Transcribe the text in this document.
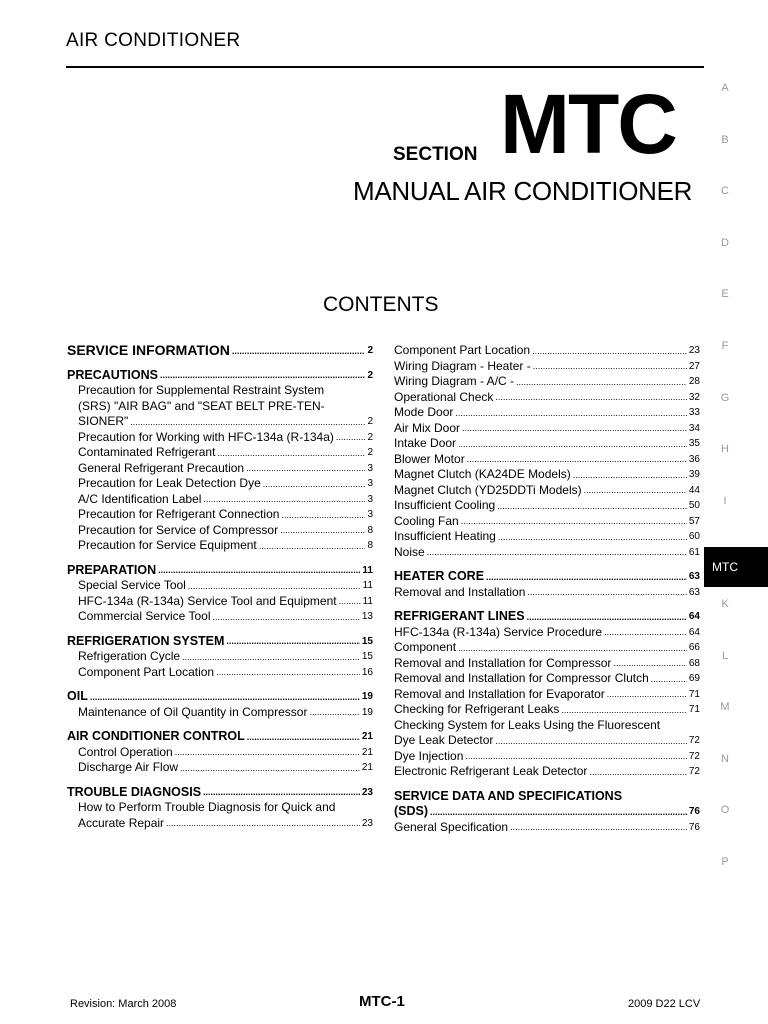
AIR CONDITIONER
SECTION MTC
MANUAL AIR CONDITIONER
CONTENTS
SERVICE INFORMATION .....	2
PRECAUTIONS .....	2
Precaution for Supplemental Restraint System
(SRS) "AIR BAG" and "SEAT BELT PRE-TEN-
SIONER" .....	2
Precaution for Working with HFC-134a (R-134a) .....	2
Contaminated Refrigerant .....	2
General Refrigerant Precaution .....	3
Precaution for Leak Detection Dye .....	3
A/C Identification Label .....	3
Precaution for Refrigerant Connection .....	3
Precaution for Service of Compressor .....	8
Precaution for Service Equipment .....	8
PREPARATION .....	11
Special Service Tool .....	11
HFC-134a (R-134a) Service Tool and Equipment .....	11
Commercial Service Tool .....	13
REFRIGERATION SYSTEM .....	15
Refrigeration Cycle .....	15
Component Part Location .....	16
OIL .....	19
Maintenance of Oil Quantity in Compressor .....	19
AIR CONDITIONER CONTROL .....	21
Control Operation .....	21
Discharge Air Flow .....	21
TROUBLE DIAGNOSIS .....	23
How to Perform Trouble Diagnosis for Quick and
Accurate Repair .....	23
Component Part Location .....	23
Wiring Diagram - Heater - .....	27
Wiring Diagram - A/C - .....	28
Operational Check .....	32
Mode Door .....	33
Air Mix Door .....	34
Intake Door .....	35
Blower Motor .....	36
Magnet Clutch (KA24DE Models) .....	39
Magnet Clutch (YD25DDTi Models) .....	44
Insufficient Cooling .....	50
Cooling Fan .....	57
Insufficient Heating .....	60
Noise .....	61
HEATER CORE .....	63
Removal and Installation .....	63
REFRIGERANT LINES .....	64
HFC-134a (R-134a) Service Procedure .....	64
Component .....	66
Removal and Installation for Compressor .....	68
Removal and Installation for Compressor Clutch .....	69
Removal and Installation for Evaporator .....	71
Checking for Refrigerant Leaks .....	71
Checking System for Leaks Using the Fluorescent
Dye Leak Detector .....	72
Dye Injection .....	72
Electronic Refrigerant Leak Detector .....	72
SERVICE DATA AND SPECIFICATIONS
(SDS) .....	76
General Specification .....	76
A
B
C
D
E
F
G
H
I
MTC
K
L
M
N
O
P
Revision: March 2008	MTC-1	2009 D22 LCV
